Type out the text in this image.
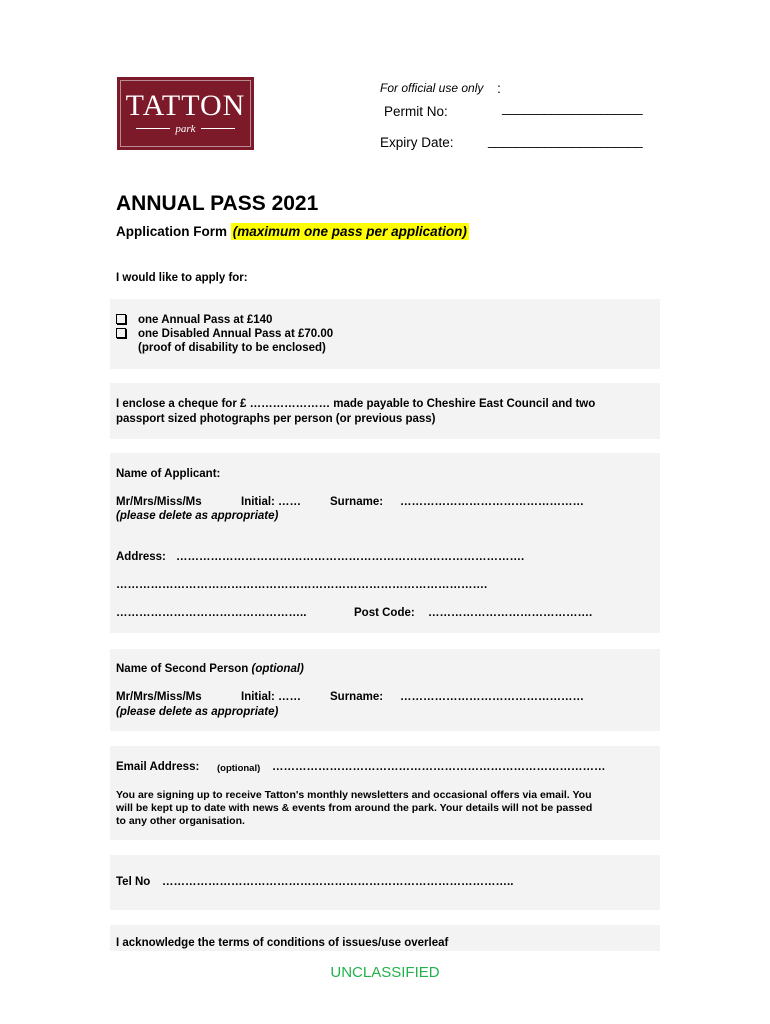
TATTON
park
For official use only :
Permit No:	____________________
Expiry Date:	______________________
ANNUAL PASS 2021
Application Form (maximum one pass per application)
I would like to apply for:
one Annual Pass at £140
one Disabled Annual Pass at £70.00
(proof of disability to be enclosed)
I enclose a cheque for £ ………………… made payable to Cheshire East Council and two
passport sized photographs per person (or previous pass)
Name of Applicant:
Mr/Mrs/Miss/Ms	Initial: ……	Surname: …………………………………………
(please delete as appropriate)
Address: ……………………………………………………………………………….
…………………………………………………………………………………….
…………………………………………..	Post Code: …………………………………….
Name of Second Person (optional)
Mr/Mrs/Miss/Ms	Initial: ……	Surname: …………………………………………
(please delete as appropriate)
Email Address: (optional) ……………………………………………………………………………
You are signing up to receive Tatton's monthly newsletters and occasional offers via email. You
will be kept up to date with news & events from around the park. Your details will not be passed
to any other organisation.
Tel No ………………………………………………………………………………..
I acknowledge the terms of conditions of issues/use overleaf
UNCLASSIFIED
